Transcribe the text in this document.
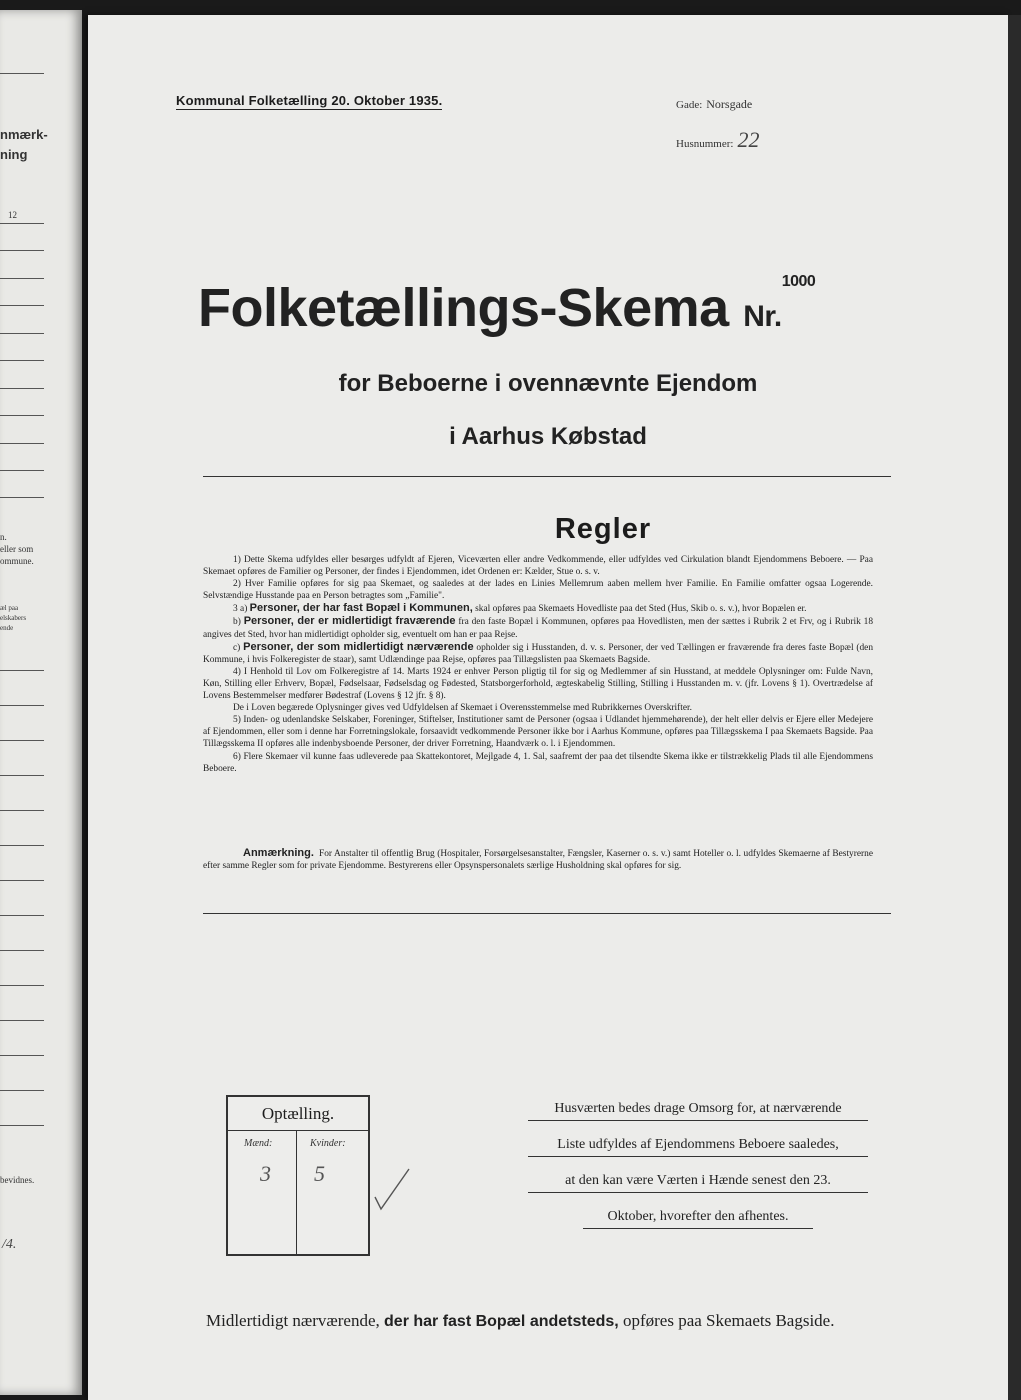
nmærk-
ning
12
n.
eller som
ommune.
æl paa
elskabers
ende
bevidnes.
/4.
Kommunal Folketælling 20. Oktober 1935.	Gade: Norsgade
Husnummer: 22
Folketællings-Skema Nr.$^{1000}$
for Beboerne i ovennævnte Ejendom
i Aarhus Købstad
Regler

1) Dette Skema udfyldes eller besørges udfyldt af Ejeren, Viceværten eller andre Vedkommende, eller udfyldes ved Cirkulation blandt Ejendommens Beboere. — Paa Skemaet opføres de Familier og Personer, der findes i Ejendommen, idet Ordenen er: Kælder, Stue o. s. v.

2) Hver Familie opføres for sig paa Skemaet, og saaledes at der lades en Linies Mellemrum aaben mellem hver Familie. En Familie omfatter ogsaa Logerende. Selvstændige Husstande paa en Person betragtes som „Familie".

3 a) Personer, der har fast Bopæl i Kommunen, skal opføres paa Skemaets Hovedliste paa det Sted (Hus, Skib o. s. v.), hvor Bopælen er.

b) Personer, der er midlertidigt fraværende fra den faste Bopæl i Kommunen, opføres paa Hovedlisten, men der sættes i Rubrik 2 et Frv, og i Rubrik 18 angives det Sted, hvor han midlertidigt opholder sig, eventuelt om han er paa Rejse.

c) Personer, der som midlertidigt nærværende opholder sig i Husstanden, d. v. s. Personer, der ved Tællingen er fraværende fra deres faste Bopæl (den Kommune, i hvis Folkeregister de staar), samt Udlændinge paa Rejse, opføres paa Tillægslisten paa Skemaets Bagside.

4) I Henhold til Lov om Folkeregistre af 14. Marts 1924 er enhver Person pligtig til for sig og Medlemmer af sin Husstand, at meddele Oplysninger om: Fulde Navn, Køn, Stilling eller Erhverv, Bopæl, Fødselsaar, Fødselsdag og Fødested, Statsborgerforhold, ægteskabelig Stilling, Stilling i Husstanden m. v. (jfr. Lovens § 1). Overtrædelse af Lovens Bestemmelser medfører Bødestraf (Lovens § 12 jfr. § 8).

De i Loven begærede Oplysninger gives ved Udfyldelsen af Skemaet i Overensstemmelse med Rubrikkernes Overskrifter.

5) Inden- og udenlandske Selskaber, Foreninger, Stiftelser, Institutioner samt de Personer (ogsaa i Udlandet hjemmehørende), der helt eller delvis er Ejere eller Medejere af Ejendommen, eller som i denne har Forretningslokale, forsaavidt vedkommende Personer ikke bor i Aarhus Kommune, opføres paa Tillægsskema I paa Skemaets Bagside. Paa Tillægsskema II opføres alle indenbysboende Personer, der driver Forretning, Haandværk o. l. i Ejendommen.

6) Flere Skemaer vil kunne faas udleverede paa Skattekontoret, Mejlgade 4, 1. Sal, saafremt der paa det tilsendte Skema ikke er tilstrækkelig Plads til alle Ejendommens Beboere.

Anmærkning. For Anstalter til offentlig Brug (Hospitaler, Forsørgelsesanstalter, Fængsler, Kaserner o. s. v.) samt Hoteller o. l. udfyldes Skemaerne af Bestyrerne efter samme Regler som for private Ejendomme. Bestyrerens eller Opsynspersonalets særlige Husholdning skal opføres for sig.

Optælling.
Mænd:	Kvinder:
3 5
Husværten bedes drage Omsorg for, at nærværende
Liste udfyldes af Ejendommens Beboere saaledes,
at den kan være Værten i Hænde senest den 23.
Oktober, hvorefter den afhentes.
Midlertidigt nærværende, der har fast Bopæl andetsteds, opføres paa Skemaets Bagside.
